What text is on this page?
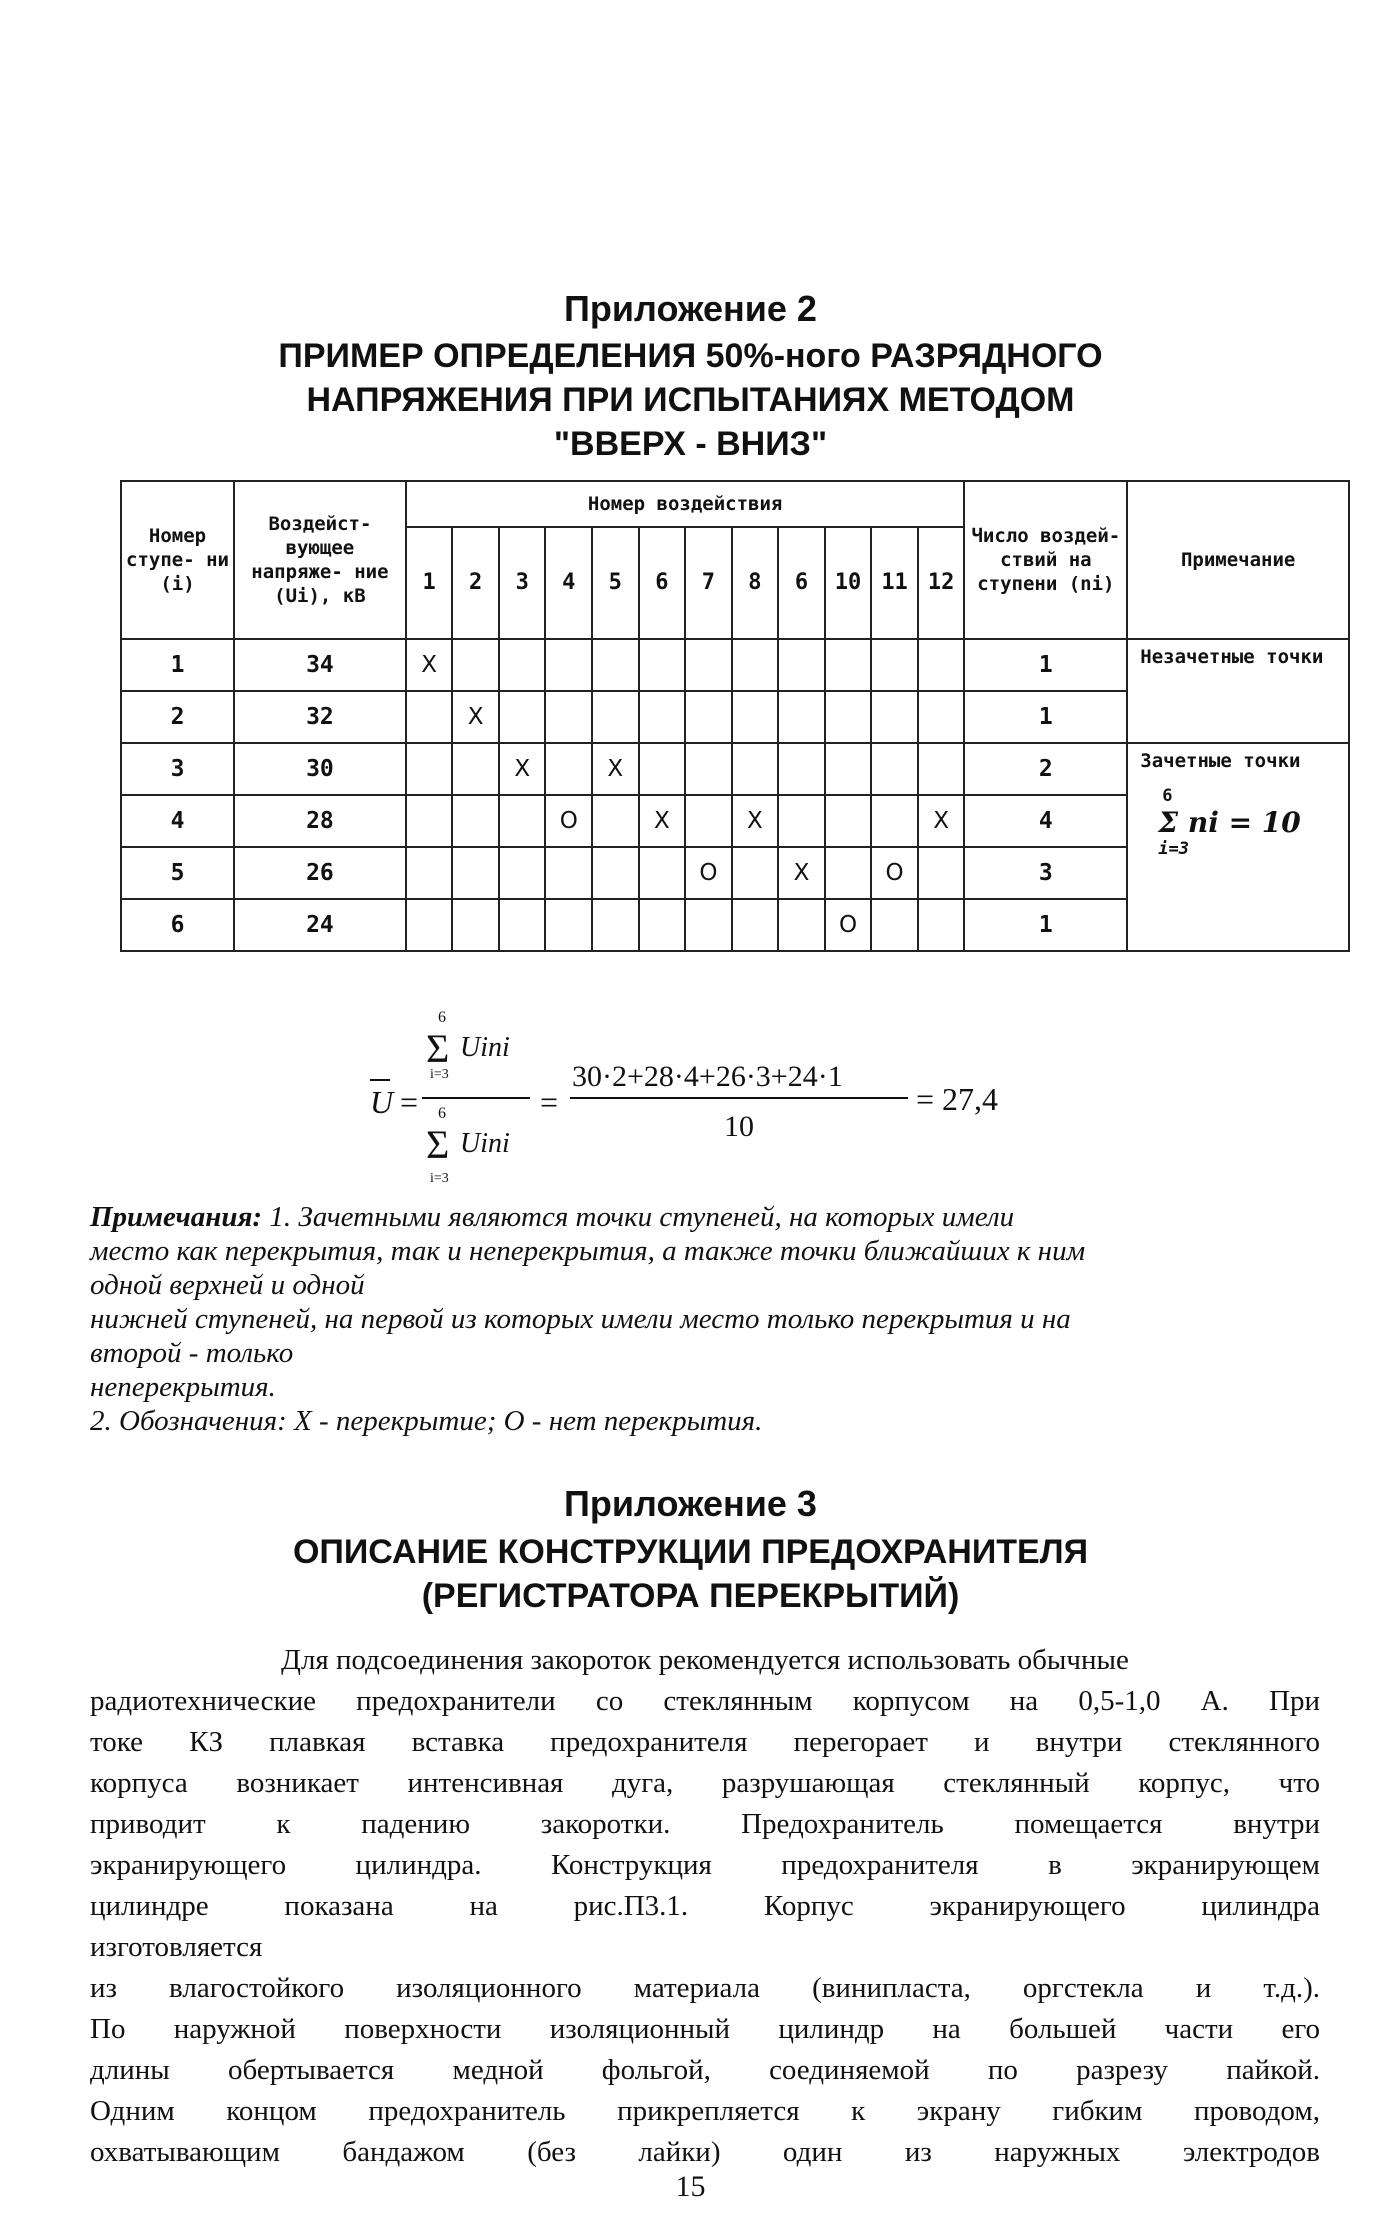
Приложение 2
ПРИМЕР ОПРЕДЕЛЕНИЯ 50%-ного РАЗРЯДНОГО
НАПРЯЖЕНИЯ ПРИ ИСПЫТАНИЯХ МЕТОДОМ
"ВВЕРХ - ВНИЗ"
Номер ступе- ни (i)	Воздейст- вующее напряже- ние (Ui), кВ	Номер воздействия												Число воздей- ствий на ступени (ni)	Примечание
		1	2	3	4	5	6	7	8	6	10	11	12		
1	34	X												1	Незачетные точки
2	32		X											1	
3	30			X		X								2	Зачетные точки
6
Σ ni = 10
i=3

4	28				O		X		X				X	4	
5	26							O		X		O		3	
6	24										O			1	
U =
6
Σ
i=3
Uini
6
Σ
i=3
Uini
=
30·2+28·4+26·3+24·1
10
= 27,4

Примечания: 1. Зачетными являются точки ступеней, на которых имели

место как перекрытия, так и неперекрытия, а также точки ближайших к ним

одной верхней и одной

нижней ступеней, на первой из которых имели место только перекрытия и на

второй - только

неперекрытия.

2. Обозначения: X - перекрытие; O - нет перекрытия.

Приложение 3
ОПИСАНИЕ КОНСТРУКЦИИ ПРЕДОХРАНИТЕЛЯ
(РЕГИСТРАТОРА ПЕРЕКРЫТИЙ)

Для подсоединения закороток рекомендуется использовать обычные

радиотехнические предохранители со стеклянным корпусом на 0,5-1,0 А. При

токе КЗ плавкая вставка предохранителя перегорает и внутри стеклянного

корпуса возникает интенсивная дуга, разрушающая стеклянный корпус, что

приводит к падению закоротки. Предохранитель помещается внутри

экранирующего цилиндра. Конструкция предохранителя в экранирующем

цилиндре показана на рис.П3.1. Корпус экранирующего цилиндра

изготовляется

из влагостойкого изоляционного материала (винипласта, оргстекла и т.д.).

По наружной поверхности изоляционный цилиндр на большей части его

длины обертывается медной фольгой, соединяемой по разрезу пайкой.

Одним концом предохранитель прикрепляется к экрану гибким проводом,

охватывающим бандажом (без лайки) один из наружных электродов

15
